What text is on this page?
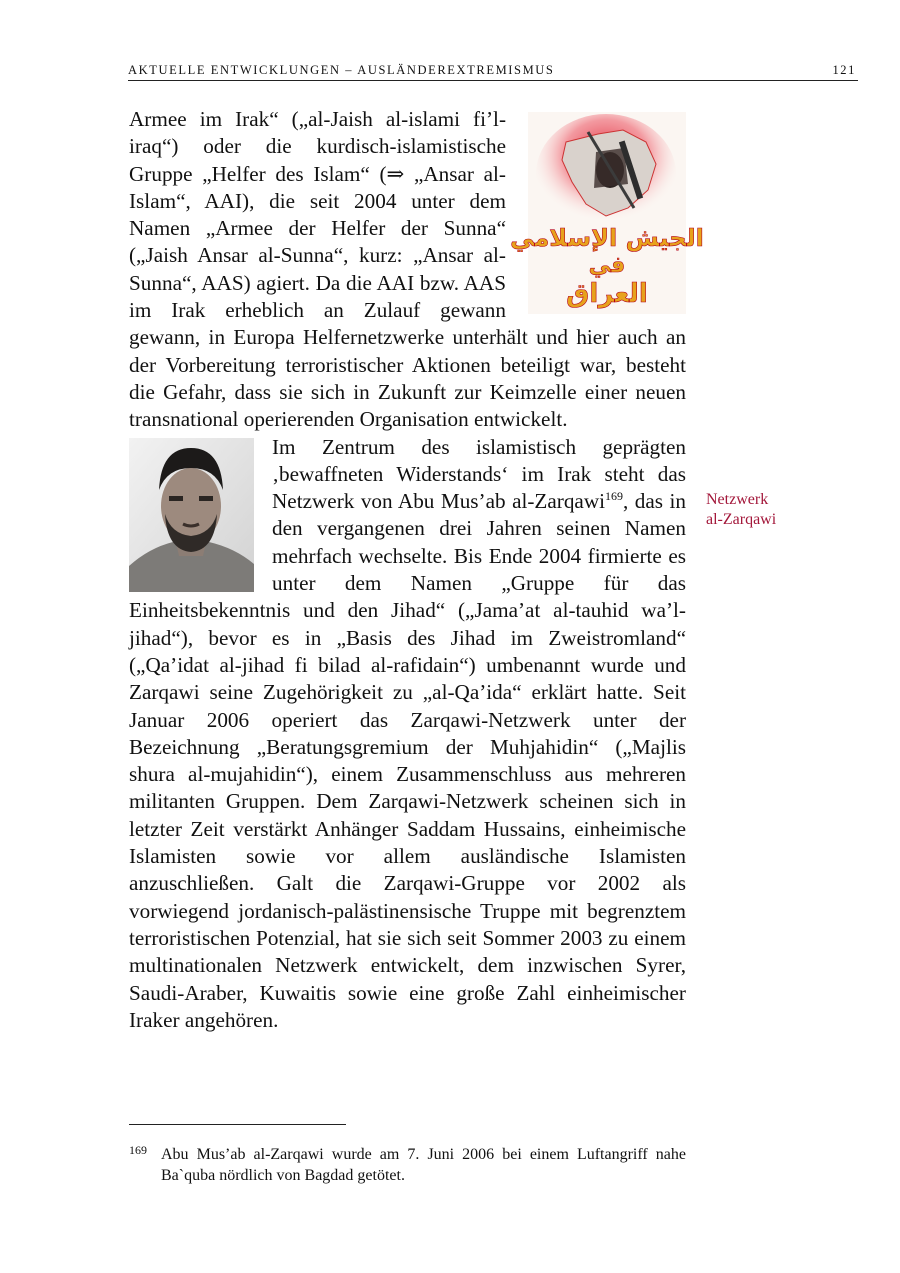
AKTUELLE ENTWICKLUNGEN – AUSLÄNDEREXTREMISMUS	121

الجيش الإسلامي
في
العراق
Armee im Irak“ („al-Jaish al-islami fi’l-iraq“) oder die kurdisch-islamistische Gruppe „Helfer des Islam“ (⇒ „Ansar al-Islam“, AAI), die seit 2004 unter dem Namen „Armee der Helfer der Sunna“ („Jaish Ansar al-Sunna“, kurz: „Ansar al-Sunna“, AAS) agiert. Da die AAI bzw. AAS im Irak erheblich an Zulauf gewann gewann, in Europa Helfernetzwerke unterhält und hier auch an der Vorbereitung terroristischer Aktionen beteiligt war, besteht die Gefahr, dass sie sich in Zukunft zur Keimzelle einer neuen transnational operierenden Organisation entwickelt.

Im Zentrum des islamistisch geprägten ‚bewaffneten Widerstands‘ im Irak steht das Netzwerk von Abu Mus’ab al-Zarqawi$^{169}$, das in den vergangenen drei Jahren seinen Namen mehrfach wechselte. Bis Ende 2004 firmierte es unter dem Namen „Gruppe für das Einheitsbekenntnis und den Jihad“ („Jama’at al-tauhid wa’l-jihad“), bevor es in „Basis des Jihad im Zweistromland“ („Qa’idat al-jihad fi bilad al-rafidain“) umbenannt wurde und Zarqawi seine Zugehörigkeit zu „al-Qa’ida“ erklärt hatte. Seit Januar 2006 operiert das Zarqawi-Netzwerk unter der Bezeichnung „Beratungsgremium der Muhjahidin“ („Majlis shura al-mujahidin“), einem Zusammenschluss aus mehreren militanten Gruppen. Dem Zarqawi-Netzwerk scheinen sich in letzter Zeit verstärkt Anhänger Saddam Hussains, einheimische Islamisten sowie vor allem ausländische Islamisten anzuschließen. Galt die Zarqawi-Gruppe vor 2002 als vorwiegend jordanisch-palästinensische Truppe mit begrenztem terroristischen Potenzial, hat sie sich seit Sommer 2003 zu einem multinationalen Netzwerk entwickelt, dem inzwischen Syrer, Saudi-Araber, Kuwaitis sowie eine große Zahl einheimischer Iraker angehören.

Netzwerk
al-Zarqawi
169 Abu Mus’ab al-Zarqawi wurde am 7. Juni 2006 bei einem Luftangriff nahe Ba`quba nördlich von Bagdad getötet.
